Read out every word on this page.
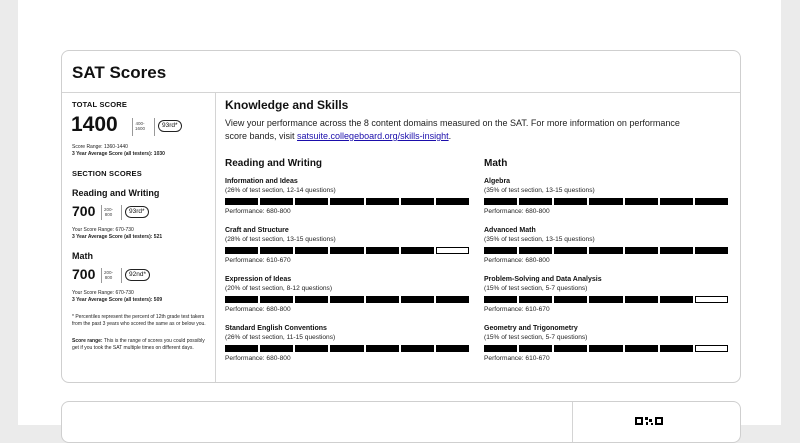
SAT Scores
TOTAL SCORE
1400	400-
1600	93rd*
Score Range: 1360-1440
3 Year Average Score (all testers): 1030
SECTION SCORES
Reading and Writing
700 200-
800	93rd*
Your Score Range: 670-730
3 Year Average Score (all testers): 521
Math
700 200-
800	92nd*
Your Score Range: 670-730
3 Year Average Score (all testers): 509
* Percentiles represent the percent of 12th grade test takers from the past 3 years who scored the same as or below you.
Score range: This is the range of scores you could possibly get if you took the SAT multiple times on different days.
Knowledge and Skills
View your performance across the 8 content domains measured on the SAT. For more information on performance score bands, visit satsuite.collegeboard.org/skills-insight.
Reading and Writing
Information and Ideas
(26% of test section, 12-14 questions)
Performance: 680-800
Craft and Structure
(28% of test section, 13-15 questions)
Performance: 610-670
Expression of Ideas
(20% of test section, 8-12 questions)
Performance: 680-800
Standard English Conventions
(26% of test section, 11-15 questions)
Performance: 680-800
Math
Algebra
(35% of test section, 13-15 questions)
Performance: 680-800
Advanced Math
(35% of test section, 13-15 questions)
Performance: 680-800
Problem-Solving and Data Analysis
(15% of test section, 5-7 questions)
Performance: 610-670
Geometry and Trigonometry
(15% of test section, 5-7 questions)
Performance: 610-670
